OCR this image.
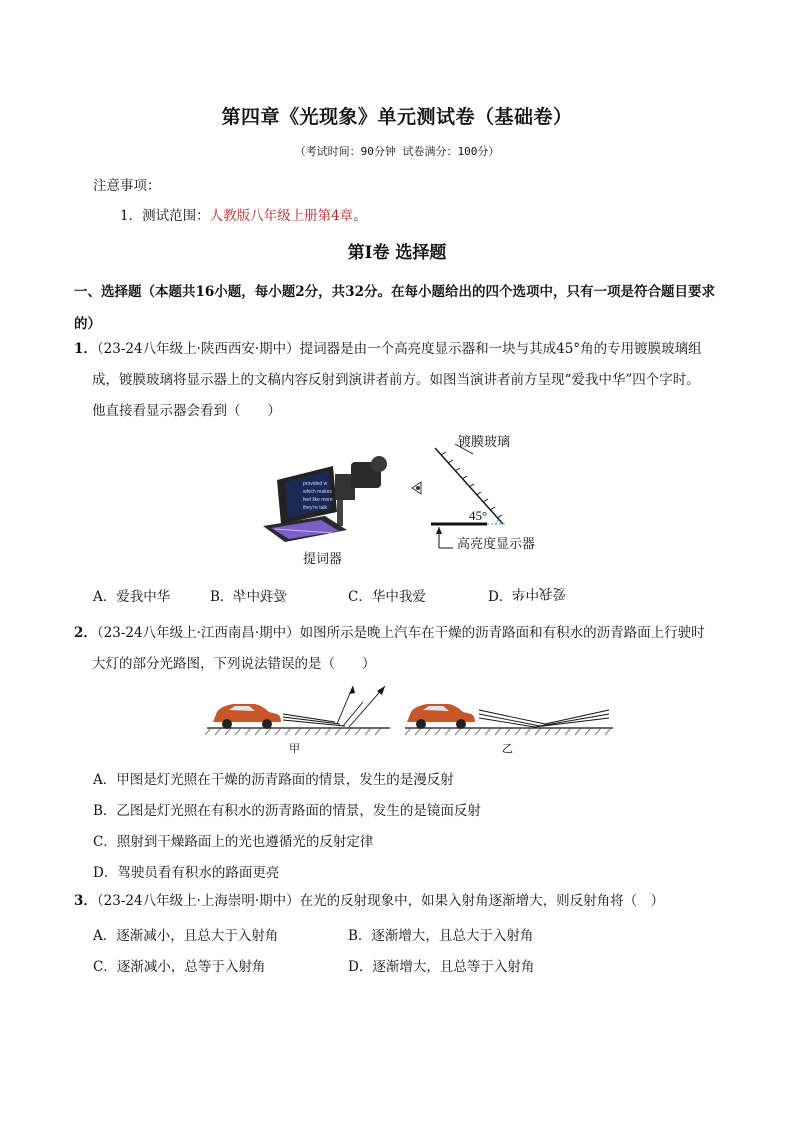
第四章《光现象》单元测试卷（基础卷）
（考试时间：90分钟 试卷满分：100分）
注意事项：
1．测试范围：人教版八年级上册第4章。
第Ⅰ卷 选择题
一、选择题（本题共16小题，每小题2分，共32分。在每小题给出的四个选项中，只有一项是符合题目要求的）
1．（23-24八年级上·陕西西安·期中）提词器是由一个高亮度显示器和一块与其成45°角的专用镀膜玻璃组
成，镀膜玻璃将显示器上的文稿内容反射到演讲者前方。如图当演讲者前方呈现“爱我中华”四个字时。
他直接看显示器会看到（　　）
provided w
which makes
feel like more
they're talk
提词器
镀膜玻璃
45°
高亮度显示器
A．爱我中华	B．爱我中华	C．华中我爱	D．爱我中华
2．（23-24八年级上·江西南昌·期中）如图所示是晚上汽车在干燥的沥青路面和有积水的沥青路面上行驶时
大灯的部分光路图，下列说法错误的是（　　）
甲	乙
A．甲图是灯光照在干燥的沥青路面的情景，发生的是漫反射
B．乙图是灯光照在有积水的沥青路面的情景，发生的是镜面反射
C．照射到干燥路面上的光也遵循光的反射定律
D．驾驶员看有积水的路面更亮
3．（23-24八年级上·上海崇明·期中）在光的反射现象中，如果入射角逐渐增大，则反射角将（　）
A．逐渐减小，且总大于入射角	B．逐渐增大，且总大于入射角
C．逐渐减小，总等于入射角	D．逐渐增大，且总等于入射角
